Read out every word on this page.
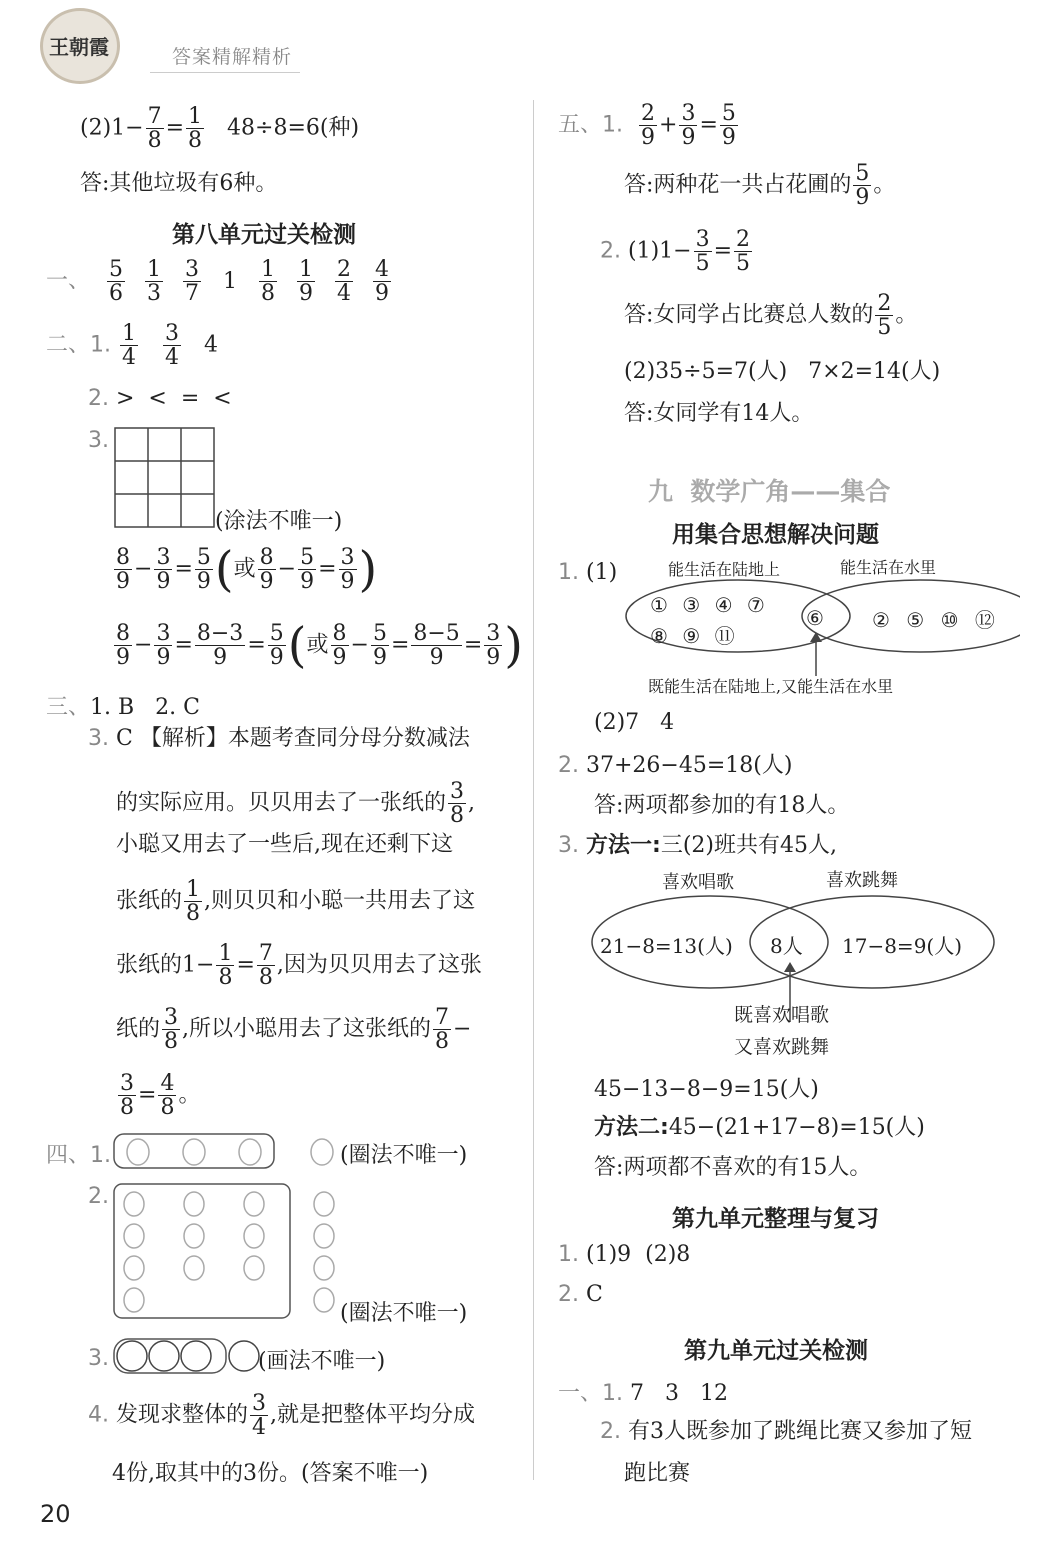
王朝霞	答案精解精析
$(2)1- \frac{7}{8} = \frac{1}{8} 48\div 8=6$(种)
答:其他垃圾有6种。
第八单元过关检测
一、 $\frac{5}{6} \frac{1}{3} \frac{3}{7} 1 \frac{1}{8} \frac{1}{9} \frac{2}{4} \frac{4}{9}$
二、1. $\frac{1}{4}$
$\frac{3}{4} 4$
2. >  <  =  <
3.
(涂法不唯一)
$\frac{8}{9} - \frac{3}{9} = \frac{5}{9}$ (或 $\frac{8}{9} - \frac{5}{9} = \frac{3}{9}$ )
$\frac{8}{9} - \frac{3}{9} = \frac{8-3}{9} = \frac{5}{9}$ (或 $\frac{8}{9} - \frac{5}{9} = \frac{8-5}{9} = \frac{3}{9}$ )
三、1. B   2. C
3. C 【解析】本题考查同分母分数减法
的实际应用。贝贝用去了一张纸的 $\frac{3}{8}$ ,
小聪又用去了一些后,现在还剩下这
张纸的 $\frac{1}{8}$ ,则贝贝和小聪一共用去了这
张纸的$1- \frac{1}{8} = \frac{7}{8}$ ,因为贝贝用去了这张
纸的 $\frac{3}{8}$ ,所以小聪用去了这张纸的 $\frac{7}{8}$ −
$\frac{3}{8} = \frac{4}{8}$ 。
四、1.	(圈法不唯一)
2.
(圈法不唯一)
3.	(画法不唯一)
4. 发现求整体的 $\frac{3}{4}$ ,就是把整体平均分成
4份,取其中的3份。(答案不唯一)
20
五、1. $\frac{2}{9} + \frac{3}{9} = \frac{5}{9}$
答:两种花一共占花圃的 $\frac{5}{9}$ 。
2. $(1)1- \frac{3}{5} = \frac{2}{5}$
答:女同学占比赛总人数的 $\frac{2}{5}$ 。
(2)35÷5=7(人)   7×2=14(人)
答:女同学有14人。
九  数学广角——集合
用集合思想解决问题
1. (1)	能生活在陆地上	能生活在水里
① ③ ④ ⑦
⑧ ⑨ ⑪
⑥ ② ⑤ ⑩ ⑫
既能生活在陆地上,又能生活在水里
(2)7   4
2. 37+26−45=18(人)
答:两项都参加的有18人。
3. 方法一:三(2)班共有45人,
喜欢唱歌	喜欢跳舞
21−8=13(人) 8人 17−8=9(人)
既喜欢唱歌
又喜欢跳舞
45−13−8−9=15(人)
方法二:45−(21+17−8)=15(人)
答:两项都不喜欢的有15人。
第九单元整理与复习
1. (1)9  (2)8
2. C
第九单元过关检测
一、1. 7   3   12
2. 有3人既参加了跳绳比赛又参加了短
跑比赛
